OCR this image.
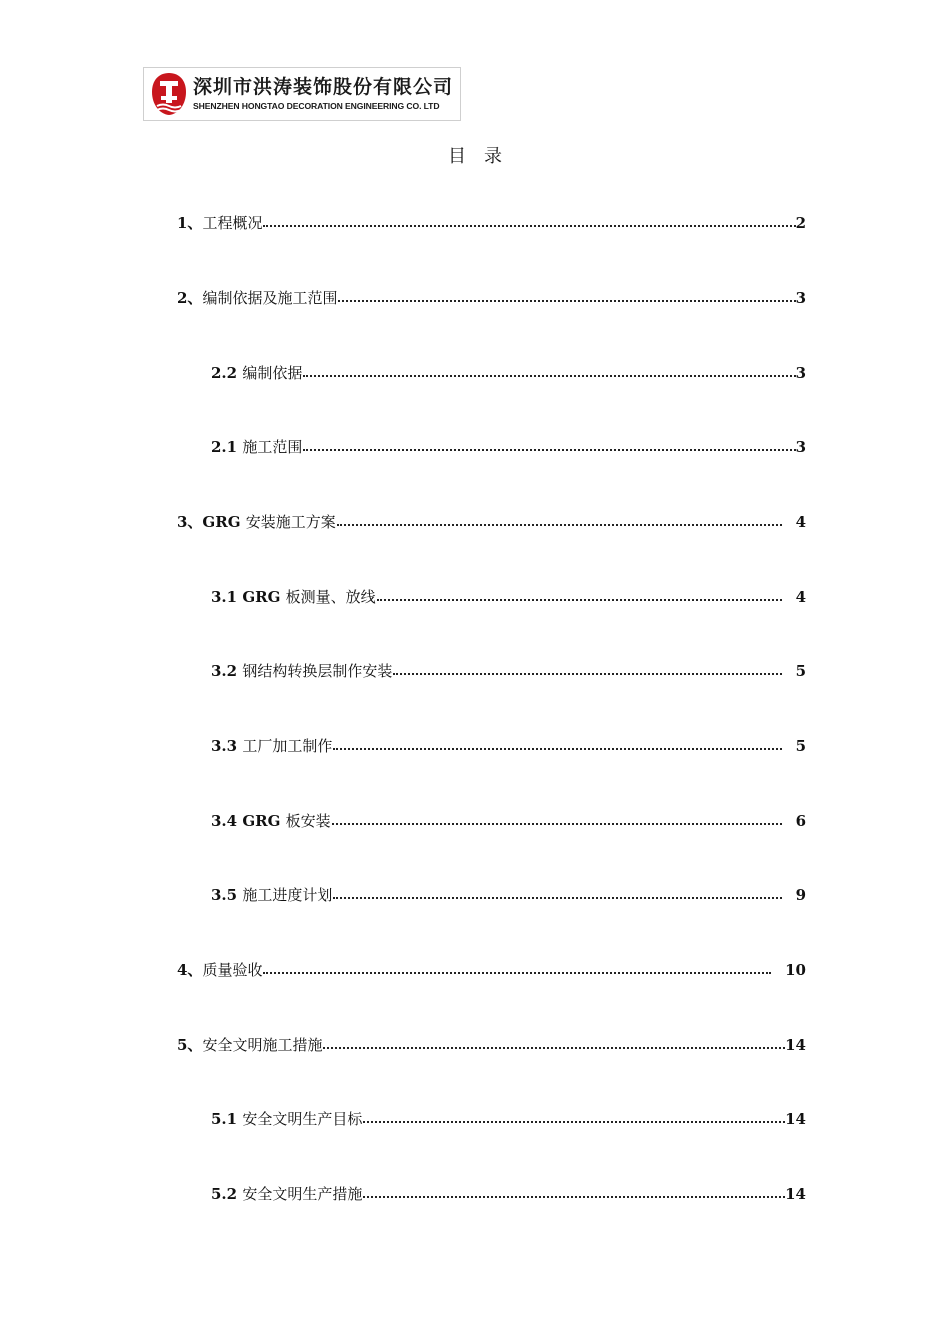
深圳市洪涛装饰股份有限公司
SHENZHEN HONGTAO DECORATION ENGINEERING CO. LTD
目录
1、工程概况	2
2、编制依据及施工范围	3
2.2 编制依据	3
2.1 施工范围	3
3、GRG 安装施工方案	4
3.1 GRG 板测量、放线	4
3.2 钢结构转换层制作安装	5
3.3 工厂加工制作	5
3.4 GRG 板安装	6
3.5 施工进度计划	9
4、质量验收	10
5、安全文明施工措施	14
5.1 安全文明生产目标	14
5.2 安全文明生产措施	14
